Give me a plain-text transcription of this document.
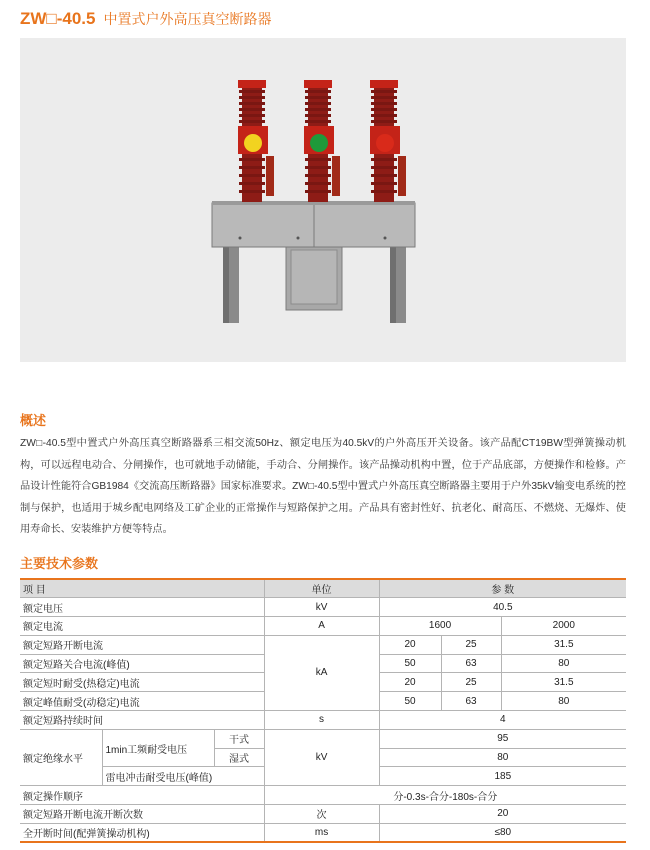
ZW□-40.5 中置式户外高压真空断路器
概述
ZW□-40.5型中置式户外高压真空断路器系三相交流50Hz、额定电压为40.5kV的户外高压开关设备。该产品配CT19BW型弹簧操动机构，可以远程电动合、分闸操作，也可就地手动储能，手动合、分闸操作。该产品操动机构中置，位于产品底部，方便操作和检修。产品设计性能符合GB1984《交流高压断路器》国家标准要求。ZW□-40.5型中置式户外高压真空断路器主要用于户外35kV输变电系统的控制与保护，也适用于城乡配电网络及工矿企业的正常操作与短路保护之用。产品具有密封性好、抗老化、耐高压、不燃烧、无爆炸、使用寿命长、安装维护方便等特点。
主要技术参数
项 目			单位	参 数		
额定电压			kV	40.5		
额定电流			A	1600		2000
额定短路开断电流			kA	20	25	31.5
额定短路关合电流(峰值)				50	63	80
额定短时耐受(热稳定)电流				20	25	31.5
额定峰值耐受(动稳定)电流				50	63	80
额定短路持续时间			s	4		
额定绝缘水平	1min工频耐受电压	干式	kV	95		
		湿式		80		
	雷电冲击耐受电压(峰值)			185		
额定操作顺序			分-0.3s-合分-180s-合分			
额定短路开断电流开断次数			次	20		
全开断时间(配弹簧操动机构)			ms	≤80		
